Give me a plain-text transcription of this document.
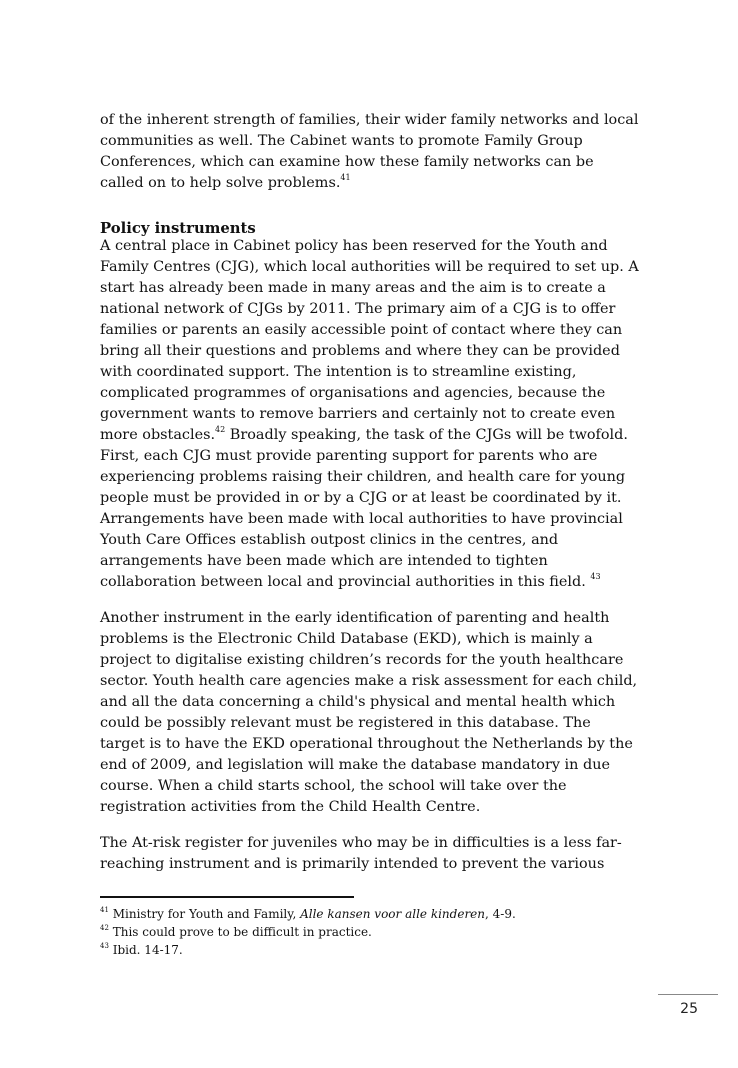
of the inherent strength of families, their wider family networks and local communities as well. The Cabinet wants to promote Family Group Conferences, which can examine how these family networks can be called on to help solve problems.$^{41}$

Policy instruments

A central place in Cabinet policy has been reserved for the Youth and Family Centres (CJG), which local authorities will be required to set up. A start has already been made in many areas and the aim is to create a national network of CJGs by 2011. The primary aim of a CJG is to offer families or parents an easily accessible point of contact where they can bring all their questions and problems and where they can be provided with coordinated support. The intention is to streamline existing, complicated programmes of organisations and agencies, because the government wants to remove barriers and certainly not to create even more obstacles.$^{42}$ Broadly speaking, the task of the CJGs will be twofold. First, each CJG must provide parenting support for parents who are experiencing problems raising their children, and health care for young people must be provided in or by a CJG or at least be coordinated by it. Arrangements have been made with local authorities to have provincial Youth Care Offices establish outpost clinics in the centres, and arrangements have been made which are intended to tighten collaboration between local and provincial authorities in this field. $^{43}$

Another instrument in the early identification of parenting and health problems is the Electronic Child Database (EKD), which is mainly a project to digitalise existing children’s records for the youth healthcare sector. Youth health care agencies make a risk assessment for each child, and all the data concerning a child's physical and mental health which could be possibly relevant must be registered in this database. The target is to have the EKD operational throughout the Netherlands by the end of 2009, and legislation will make the database mandatory in due course. When a child starts school, the school will take over the registration activities from the Child Health Centre.

The At-risk register for juveniles who may be in difficulties is a less far-reaching instrument and is primarily intended to prevent the various

$^{41}$ Ministry for Youth and Family, Alle kansen voor alle kinderen, 4-9.
$^{42}$ This could prove to be difficult in practice.
$^{43}$ Ibid. 14-17.
25
